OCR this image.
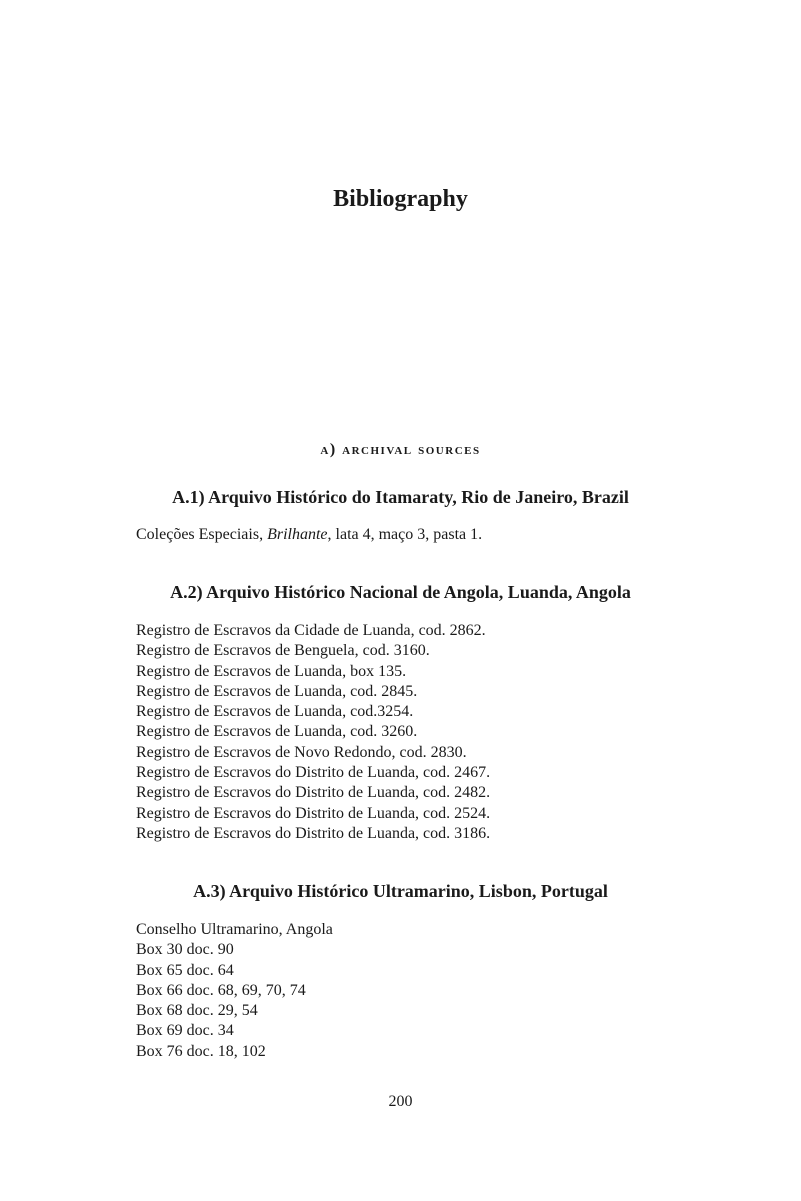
Bibliography
a) archival sources
A.1) Arquivo Histórico do Itamaraty, Rio de Janeiro, Brazil
Coleções Especiais, Brilhante, lata 4, maço 3, pasta 1.
A.2) Arquivo Histórico Nacional de Angola, Luanda, Angola
Registro de Escravos da Cidade de Luanda, cod. 2862.
Registro de Escravos de Benguela, cod. 3160.
Registro de Escravos de Luanda, box 135.
Registro de Escravos de Luanda, cod. 2845.
Registro de Escravos de Luanda, cod.3254.
Registro de Escravos de Luanda, cod. 3260.
Registro de Escravos de Novo Redondo, cod. 2830.
Registro de Escravos do Distrito de Luanda, cod. 2467.
Registro de Escravos do Distrito de Luanda, cod. 2482.
Registro de Escravos do Distrito de Luanda, cod. 2524.
Registro de Escravos do Distrito de Luanda, cod. 3186.
A.3) Arquivo Histórico Ultramarino, Lisbon, Portugal
Conselho Ultramarino, Angola
Box 30 doc. 90
Box 65 doc. 64
Box 66 doc. 68, 69, 70, 74
Box 68 doc. 29, 54
Box 69 doc. 34
Box 76 doc. 18, 102
200
